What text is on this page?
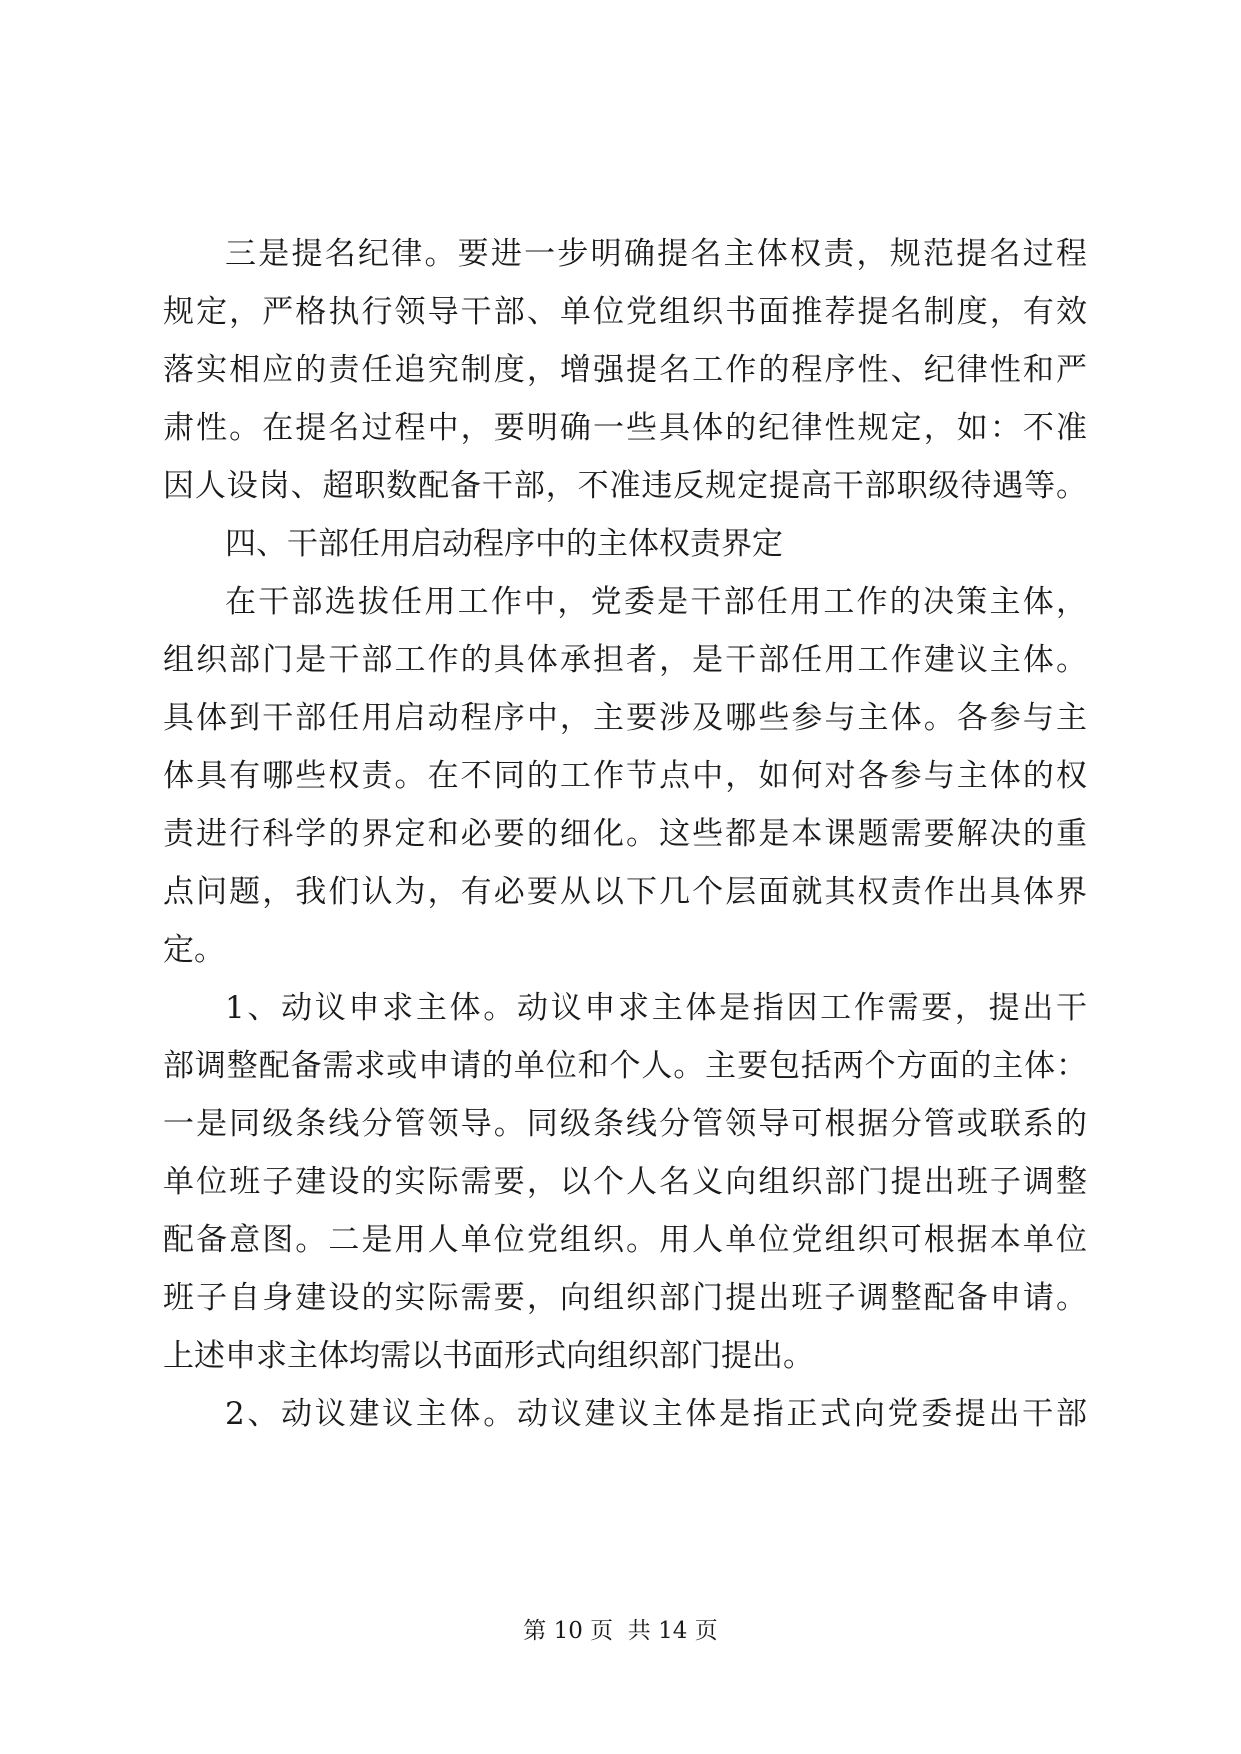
三是提名纪律。要进一步明确提名主体权责，规范提名过程
规定，严格执行领导干部、单位党组织书面推荐提名制度，有效
落实相应的责任追究制度，增强提名工作的程序性、纪律性和严
肃性。在提名过程中，要明确一些具体的纪律性规定，如：不准
因人设岗、超职数配备干部，不准违反规定提高干部职级待遇等。
四、干部任用启动程序中的主体权责界定
在干部选拔任用工作中，党委是干部任用工作的决策主体，
组织部门是干部工作的具体承担者，是干部任用工作建议主体。
具体到干部任用启动程序中，主要涉及哪些参与主体。各参与主
体具有哪些权责。在不同的工作节点中，如何对各参与主体的权
责进行科学的界定和必要的细化。这些都是本课题需要解决的重
点问题，我们认为，有必要从以下几个层面就其权责作出具体界
定。
1、动议申求主体。动议申求主体是指因工作需要，提出干
部调整配备需求或申请的单位和个人。主要包括两个方面的主体：
一是同级条线分管领导。同级条线分管领导可根据分管或联系的
单位班子建设的实际需要，以个人名义向组织部门提出班子调整
配备意图。二是用人单位党组织。用人单位党组织可根据本单位
班子自身建设的实际需要，向组织部门提出班子调整配备申请。
上述申求主体均需以书面形式向组织部门提出。
2、动议建议主体。动议建议主体是指正式向党委提出干部
第 10 页  共 14 页
